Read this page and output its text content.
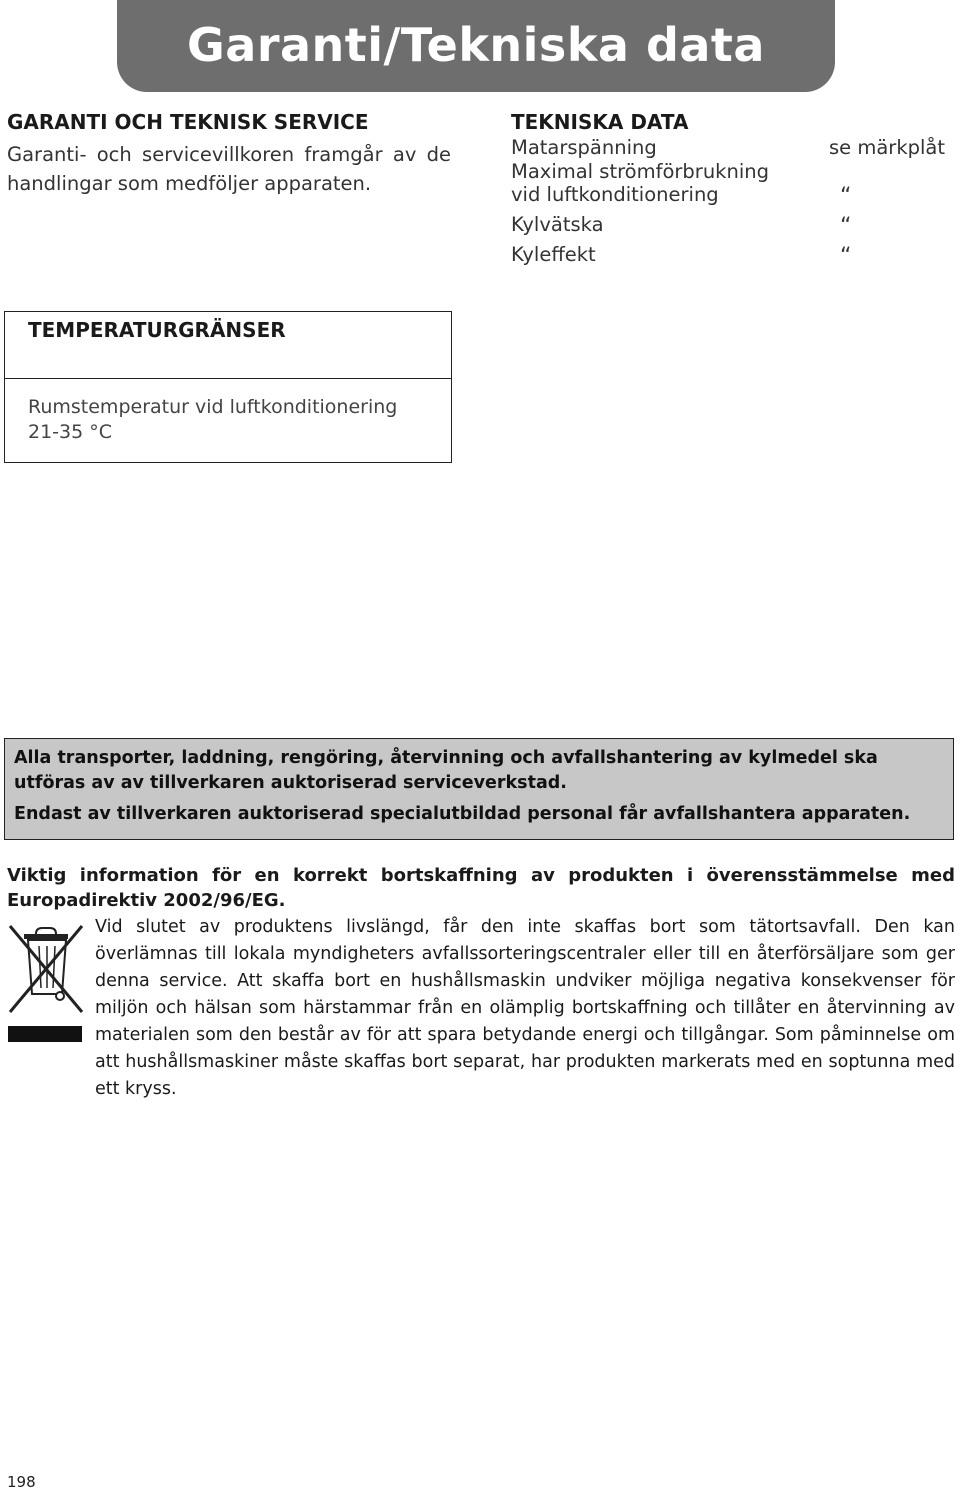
Garanti/Tekniska data
GARANTI OCH TEKNISK SERVICE
Garanti- och servicevillkoren framgår av de handlingar som medföljer apparaten.
TEKNISKA DATA
Matarspänning	se märkplåt
Maximal strömförbrukning
vid luftkonditionering	“
Kylvätska	“
Kyleffekt	“
TEMPERATURGRÄNSER
Rumstemperatur vid luftkonditionering
21-35 °C
Alla transporter, laddning, rengöring, återvinning och avfallshantering av kylmedel ska utföras av av tillverkaren auktoriserad serviceverkstad.
Endast av tillverkaren auktoriserad specialutbildad personal får avfallshantera apparaten.
Viktig information för en korrekt bortskaffning av produkten i överensstämmelse med Europadirektiv 2002/96/EG.
Vid slutet av produktens livslängd, får den inte skaffas bort som tätortsavfall. Den kan överlämnas till lokala myndigheters avfallssorteringscentraler eller till en återförsäljare som ger denna service. Att skaffa bort en hushållsmaskin undviker möjliga negativa konsekvenser för miljön och hälsan som härstammar från en olämplig bortskaffning och tillåter en återvinning av materialen som den består av för att spara betydande energi och tillgångar. Som påminnelse om att hushållsmaskiner måste skaffas bort separat, har produkten markerats med en soptunna med ett kryss.
198
